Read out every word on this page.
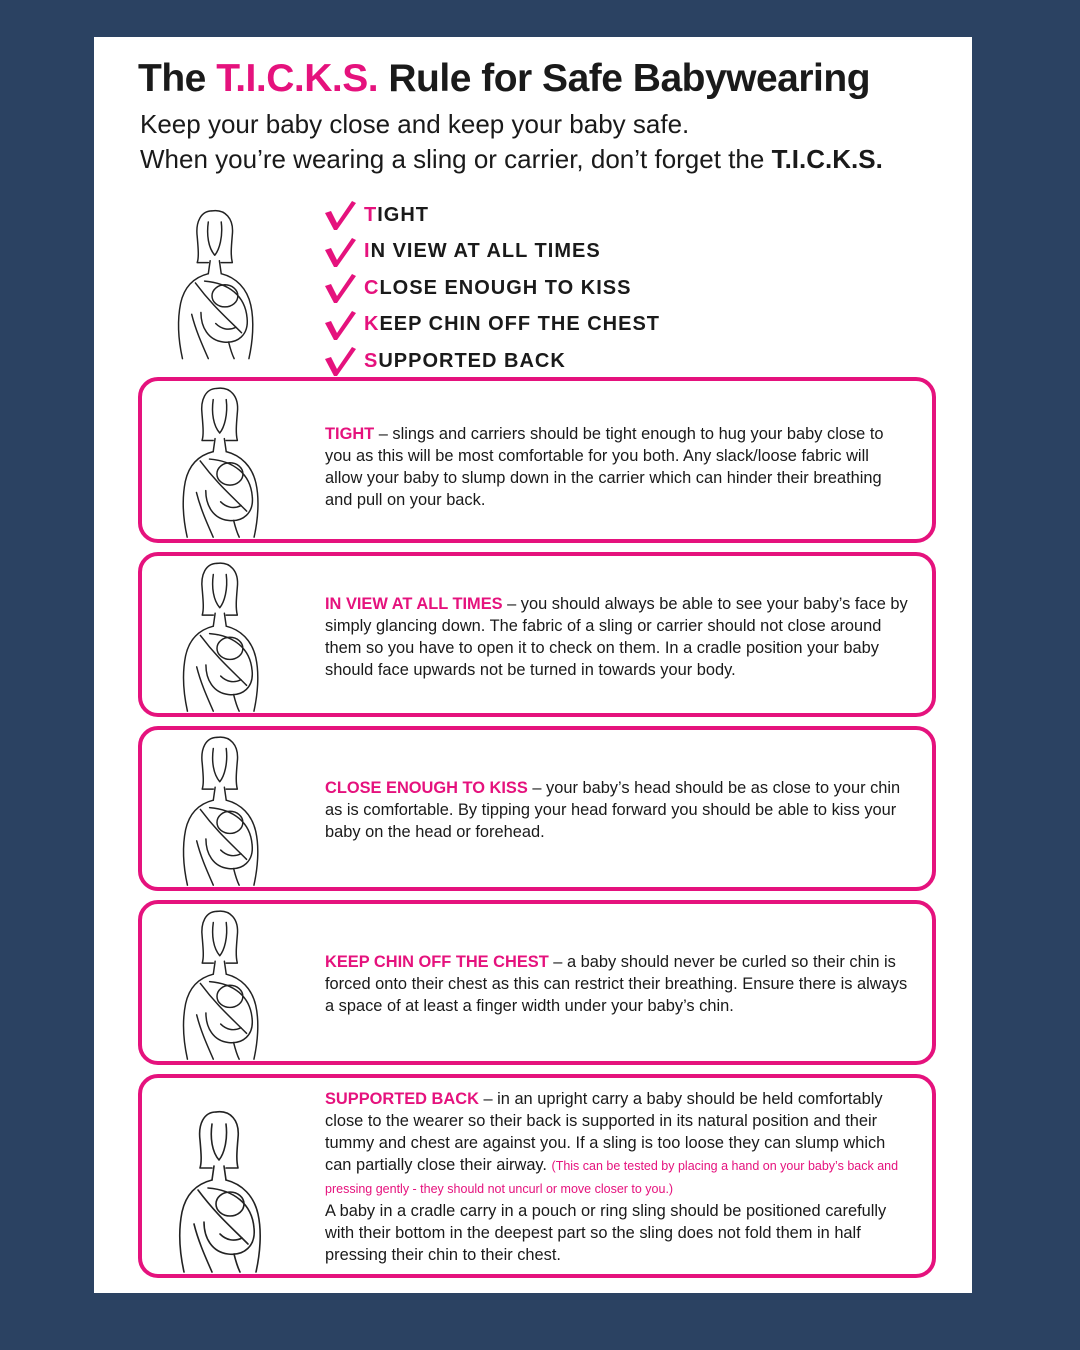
The T.I.C.K.S. Rule for Safe Babywearing
Keep your baby close and keep your baby safe.
When you’re wearing a sling or carrier, don’t forget the T.I.C.K.S.
T IGHT
I N VIEW AT ALL TIMES
C LOSE ENOUGH TO KISS
K EEP CHIN OFF THE CHEST
S UPPORTED BACK

TIGHT – slings and carriers should be tight enough to hug your baby close to you as this will be most comfortable for you both. Any slack/loose fabric will allow your baby to slump down in the carrier which can hinder their breathing and pull on your back.

IN VIEW AT ALL TIMES – you should always be able to see your baby’s face by simply glancing down. The fabric of a sling or carrier should not close around them so you have to open it to check on them. In a cradle position your baby should face upwards not be turned in towards your body.

CLOSE ENOUGH TO KISS – your baby’s head should be as close to your chin as is comfortable. By tipping your head forward you should be able to kiss your baby on the head or forehead.

KEEP CHIN OFF THE CHEST – a baby should never be curled so their chin is forced onto their chest as this can restrict their breathing. Ensure there is always a space of at least a finger width under your baby’s chin.

SUPPORTED BACK – in an upright carry a baby should be held comfortably close to the wearer so their back is supported in its natural position and their tummy and chest are against you. If a sling is too loose they can slump which can partially close their airway. (This can be tested by placing a hand on your baby’s back and pressing gently - they should not uncurl or move closer to you.)
A baby in a cradle carry in a pouch or ring sling should be positioned carefully with their bottom in the deepest part so the sling does not fold them in half pressing their chin to their chest.
